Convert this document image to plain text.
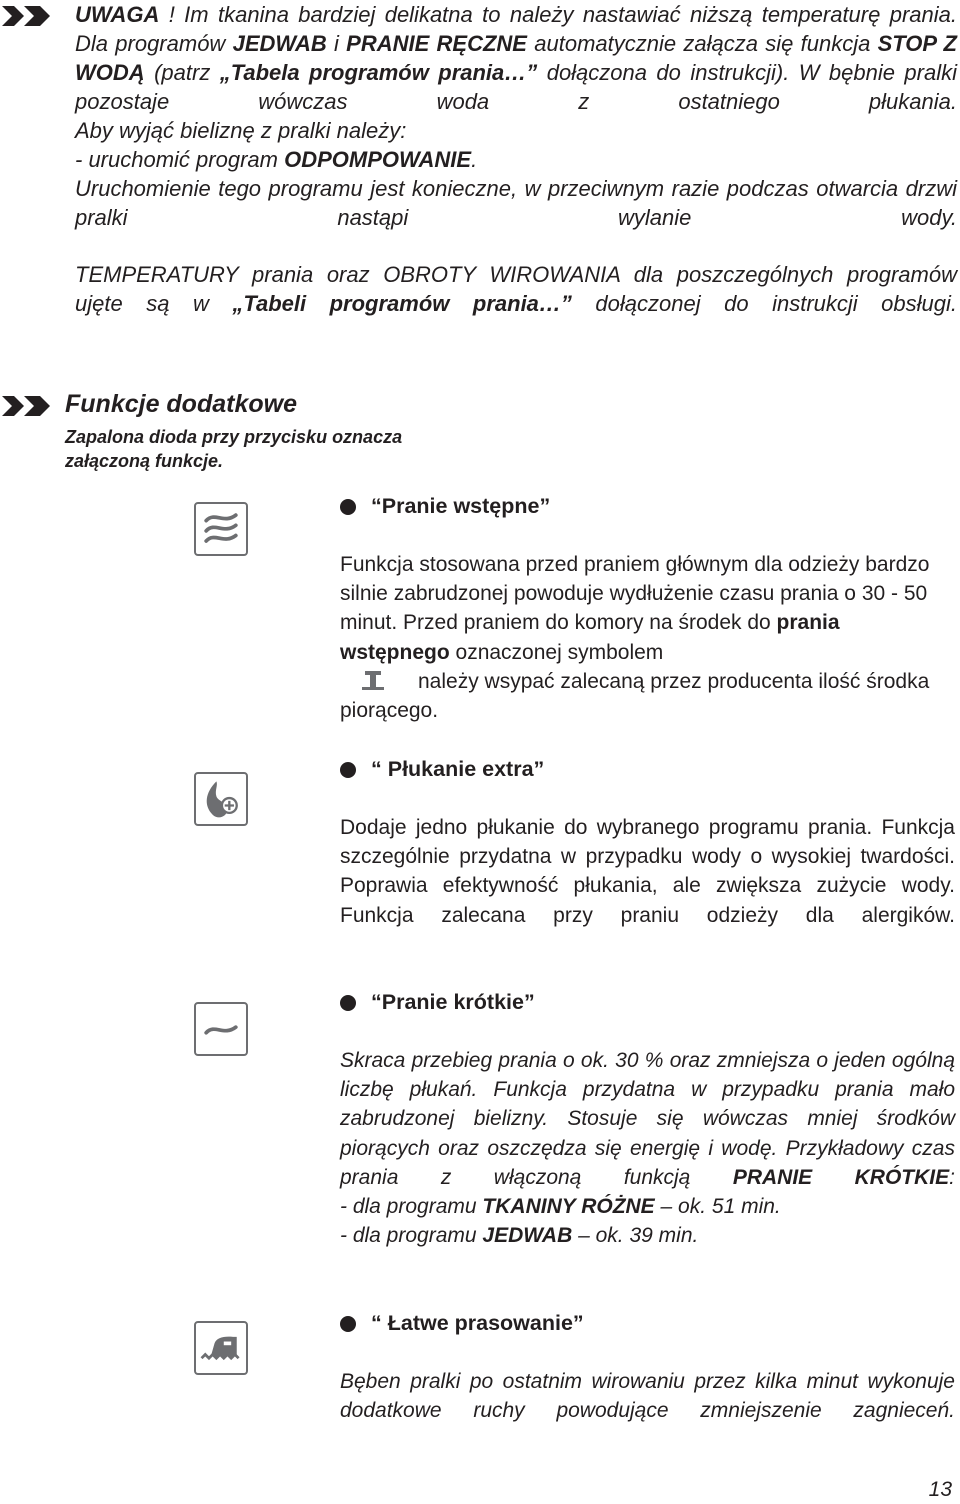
UWAGA ! Im tkanina bardziej delikatna to należy nastawiać niższą temperaturę prania. Dla programów JEDWAB i PRANIE RĘCZNE automatycznie załącza się funkcja STOP Z WODĄ (patrz „Tabela programów prania…” dołączona do instrukcji). W bębnie pralki pozostaje wówczas woda z ostatniego płukania.

Aby wyjąć bieliznę z pralki należy:

- uruchomić program ODPOMPOWANIE.

Uruchomienie tego programu jest konieczne, w przeciwnym razie podczas otwarcia drzwi pralki nastąpi wylanie wody.

TEMPERATURY prania oraz OBROTY WIROWANIA dla poszczególnych programów ujęte są w „Tabeli programów prania…” dołączonej do instrukcji obsługi.

Funkcje dodatkowe
Zapalona dioda przy przycisku oznacza załączoną funkcje.
“Pranie wstępne”

Funkcja stosowana przed praniem głównym dla odzieży bardzo silnie zabrudzonej powoduje wydłużenie czasu prania o 30 - 50 minut. Przed praniem do komory na środek do prania wstępnego oznaczonej symbolem

należy wsypać zalecaną przez producenta ilość środka piorącego.

“ Płukanie extra”

Dodaje jedno płukanie do wybranego programu prania. Funkcja szczególnie przydatna w przypadku wody o wysokiej twardości. Poprawia efektywność płukania, ale zwiększa zużycie wody. Funkcja zalecana przy praniu odzieży dla alergików.

“Pranie krótkie”

Skraca przebieg prania o ok. 30 % oraz zmniejsza o jeden ogólną liczbę płukań. Funkcja przydatna w przypadku prania mało zabrudzonej bielizny. Stosuje się wówczas mniej środków piorących oraz oszczędza się energię i wodę. Przykładowy czas prania z włączoną funkcją PRANIE KRÓTKIE:

- dla programu TKANINY RÓŻNE – ok. 51 min.

- dla programu JEDWAB – ok. 39 min.

“ Łatwe prasowanie”

Bęben pralki po ostatnim wirowaniu przez kilka minut wykonuje dodatkowe ruchy powodujące zmniejszenie zagnieceń.

13
